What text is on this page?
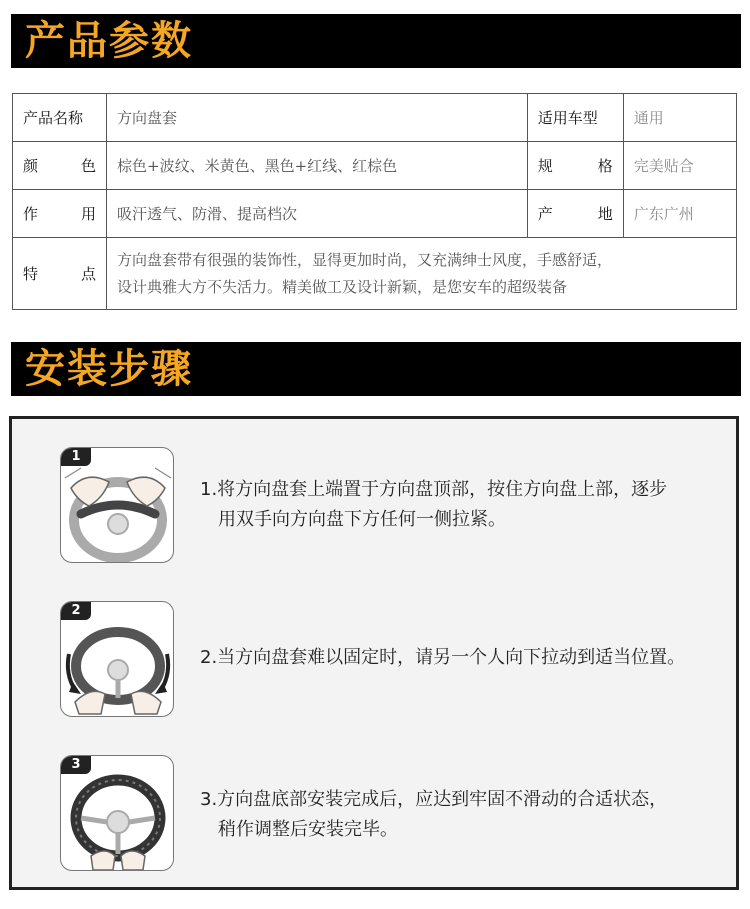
产品参数
产品名称	方向盘套	适用车型	通用
颜　　色	棕色+波纹、米黄色、黑色+红线、红棕色	规　　格	完美贴合
作　　用	吸汗透气、防滑、提高档次	产　　地	广东广州
特　　点	方向盘套带有很强的装饰性，显得更加时尚，又充满绅士风度，手感舒适，
设计典雅大方不失活力。精美做工及设计新颖，是您安车的超级装备		
安装步骤
1
1.将方向盘套上端置于方向盘顶部，按住方向盘上部，逐步
用双手向方向盘下方任何一侧拉紧。
2
2.当方向盘套难以固定时，请另一个人向下拉动到适当位置。
3
3.方向盘底部安装完成后，应达到牢固不滑动的合适状态，
稍作调整后安装完毕。
